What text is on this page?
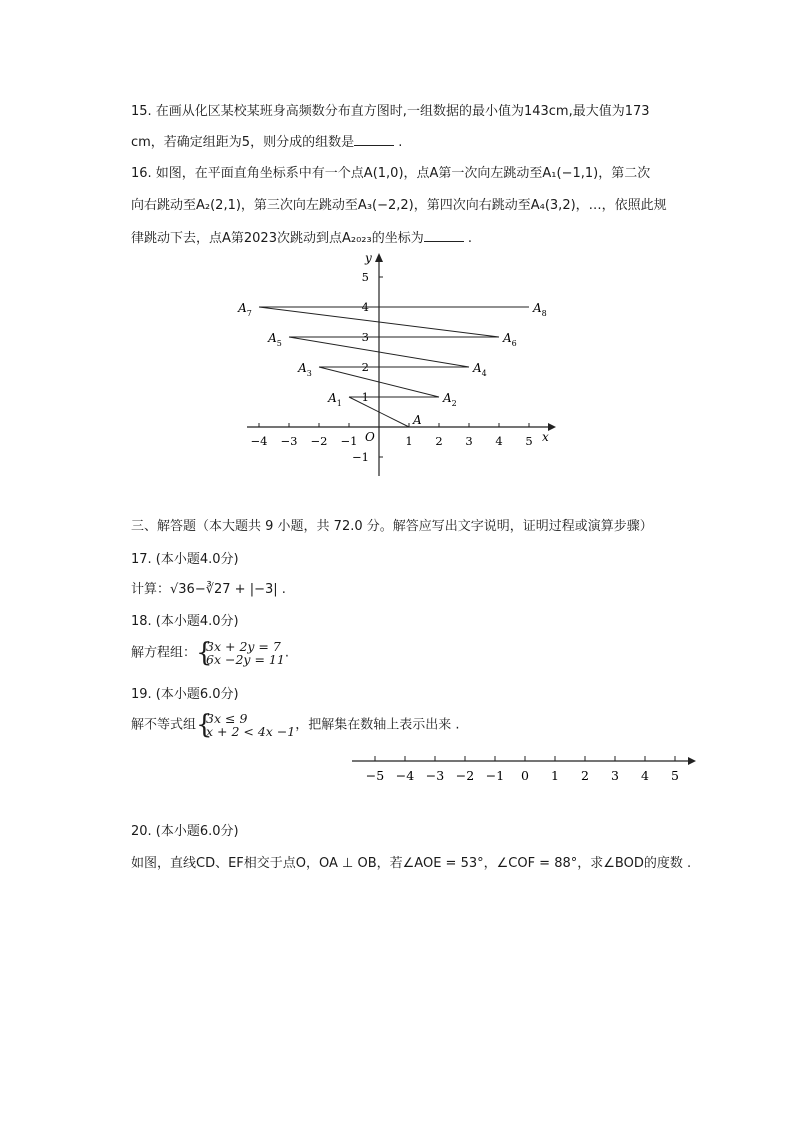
15. 在画从化区某校某班身高频数分布直方图时,一组数据的最小值为143cm,最大值为173
cm，若确定组距为5，则分成的组数是	.
16. 如图，在平面直角坐标系中有一个点A(1,0)，点A第一次向左跳动至A₁(−1,1)，第二次
向右跳动至A₂(2,1)，第三次向左跳动至A₃(−2,2)，第四次向右跳动至A₄(3,2)，…，依照此规
律跳动下去，点A第2023次跳动到点A₂₀₂₃的坐标为	.
x
y
O
−4 −3 −2 −1	1 2 3 4 5
5
4
3
2
1
−1
A
$A_1$	$A_2$
$A_3$	$A_4$
$A_5$	$A_6$
$A_7$	$A_8$
三、解答题（本大题共 9 小题，共 72.0 分。解答应写出文字说明，证明过程或演算步骤）
17. (本小题4.0分)
计算：√36−∛27 + |−3| .
18. (本小题4.0分)
解方程组： {
3x + 2y = 7
6x −2y = 11 .
19. (本小题6.0分)
解不等式组 {
3x ≤ 9
x + 2 < 4x −1 ，把解集在数轴上表示出来 .
−5 −4 −3 −2 −1 0 1 2 3 4 5
20. (本小题6.0分)
如图，直线CD、EF相交于点O，OA ⊥ OB，若∠AOE = 53°，∠COF = 88°，求∠BOD的度数 .
